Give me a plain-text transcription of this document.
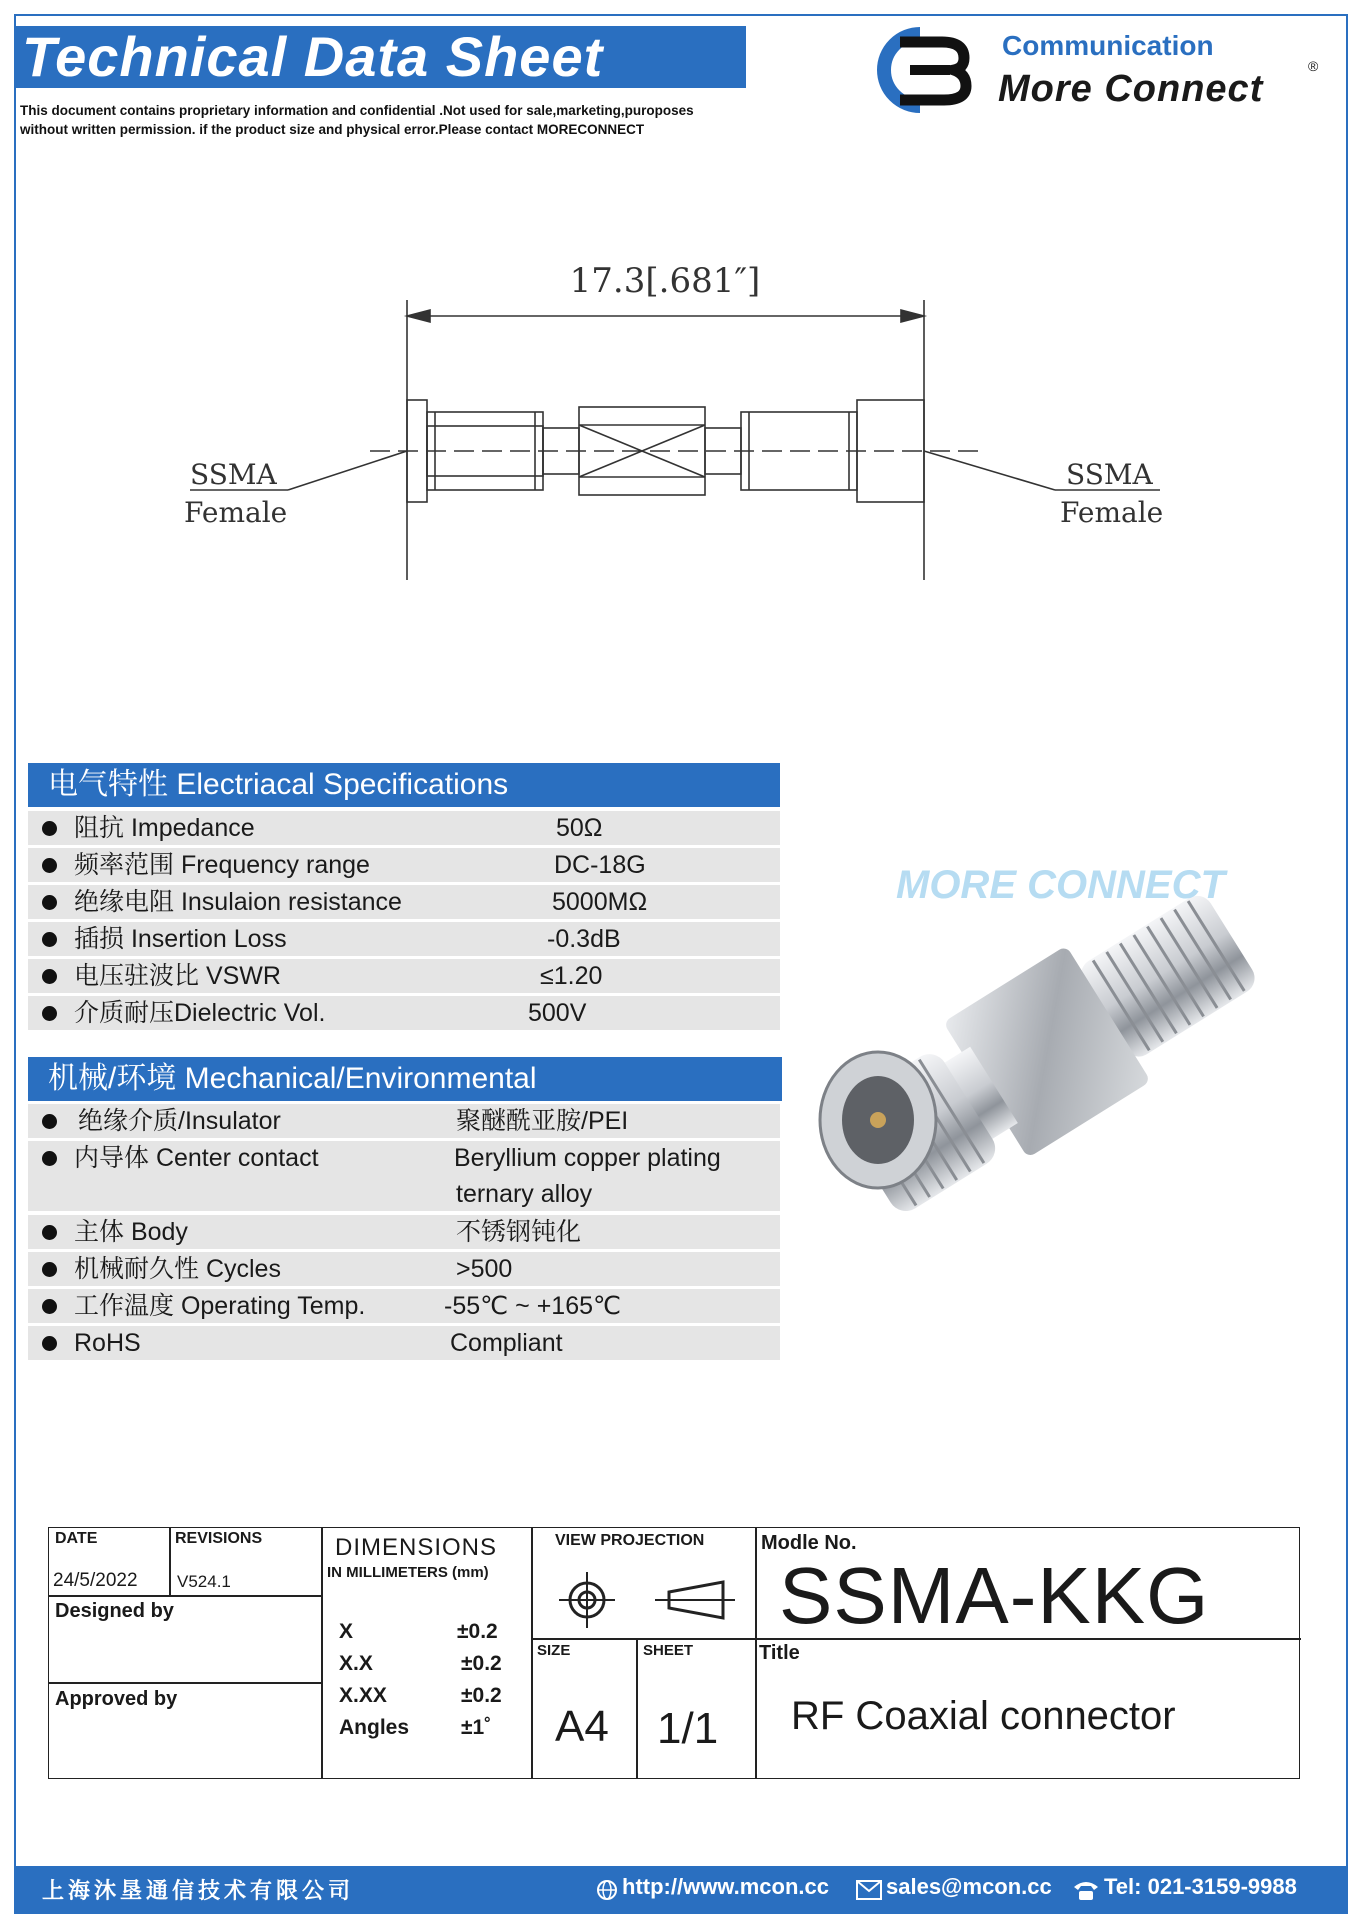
Technical Data Sheet
This document contains proprietary information and confidential .Not used for sale,marketing,puroposes
without written permission. if the product size and physical error.Please contact MORECONNECT
Communication
More Connect
®
17.3[.681″]
SSMA
Female
SSMA
Female
电气特性 Electriacal Specifications
阻抗 Impedance	50Ω
频率范围 Frequency range	DC-18G
绝缘电阻 Insulaion resistance	5000MΩ
插损 Insertion Loss	-0.3dB
电压驻波比 VSWR	≤1.20
介质耐压Dielectric Vol.	500V
机械/环境 Mechanical/Environmental
绝缘介质/Insulator	聚醚酰亚胺/PEI
内导体 Center contact	Beryllium copper plating
ternary alloy
主体 Body	不锈钢钝化
机械耐久性 Cycles	>500
工作温度 Operating Temp.	-55℃ ~ +165℃
RoHS	Compliant
MORE CONNECT
DATE
24/5/2022
REVISIONS
V524.1
Designed by
Approved by
DIMENSIONS
IN MILLIMETERS (mm)
X	±0.2
X.X	±0.2
X.XX	±0.2
Angles ±1˚
VIEW PROJECTION
SIZE
A4
SHEET
1/1
Modle No.
SSMA-KKG
Title
RF Coaxial connector
上海沐垦通信技术有限公司	http://www.mcon.cc	sales@mcon.cc Tel: 021-3159-9988
